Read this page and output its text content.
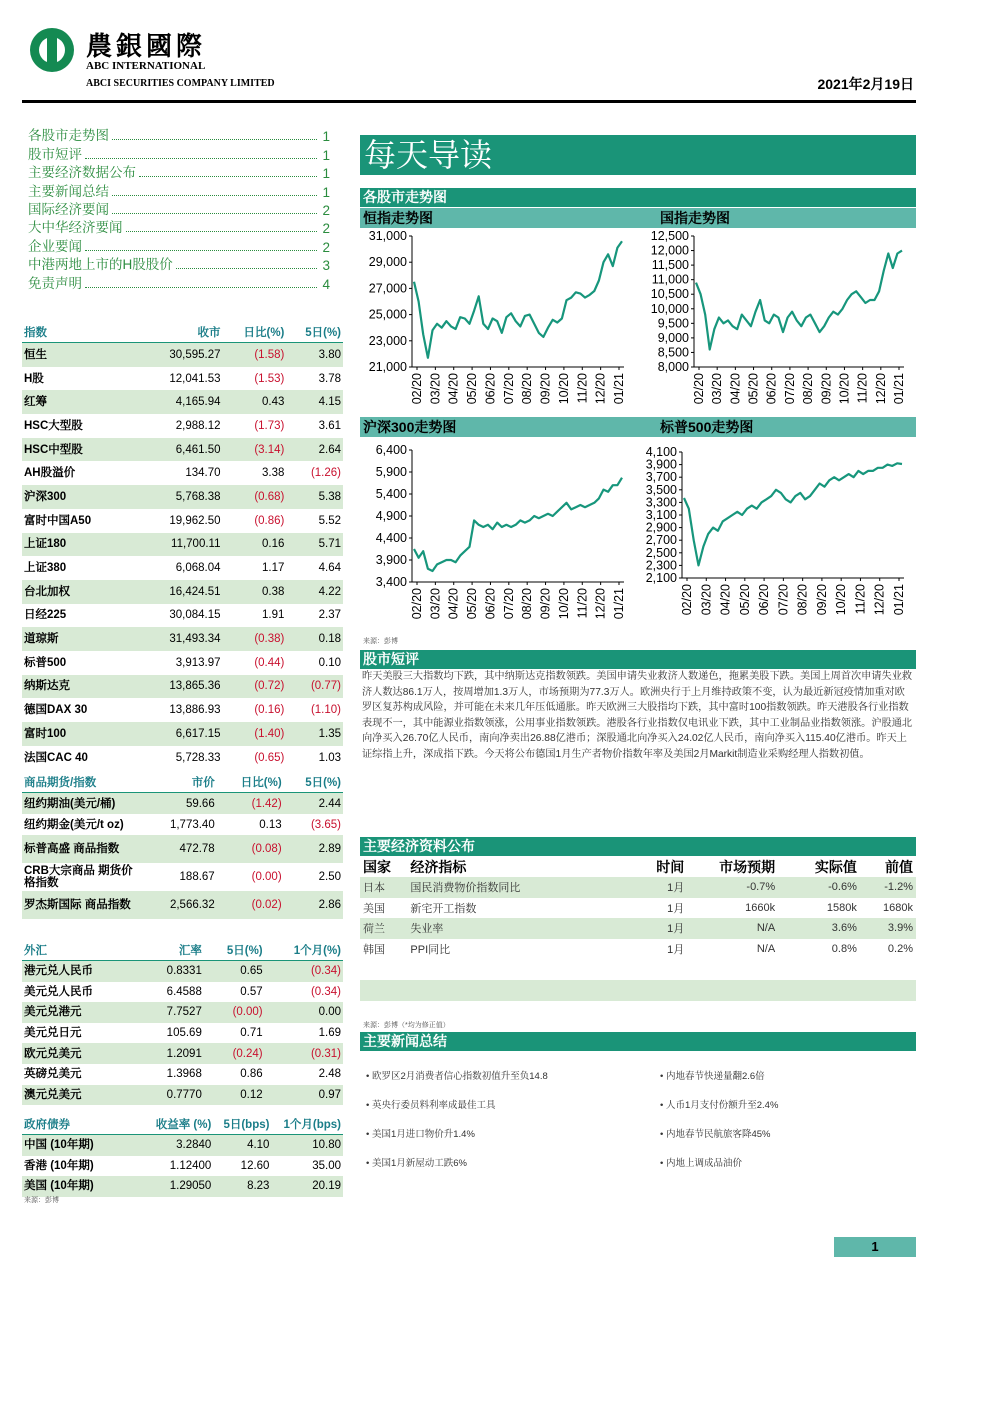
農銀國際
ABC INTERNATIONAL
ABCI SECURITIES COMPANY LIMITED	2021年2月19日
各股市走势图	1
股市短评	1
主要经济数据公布	1
主要新闻总结	1
国际经济要闻	2
大中华经济要闻	2
企业要闻	2
中港两地上市的H股股价	3
免责声明	4
指数	收市	日比(%)	5日(%)
恒生	30,595.27	(1.58)	3.80
H股	12,041.53	(1.53)	3.78
红筹	4,165.94	0.43	4.15
HSC大型股	2,988.12	(1.73)	3.61
HSC中型股	6,461.50	(3.14)	2.64
AH股溢价	134.70	3.38	(1.26)
沪深300	5,768.38	(0.68)	5.38
富时中国A50	19,962.50	(0.86)	5.52
上证180	11,700.11	0.16	5.71
上证380	6,068.04	1.17	4.64
台北加权	16,424.51	0.38	4.22
日经225	30,084.15	1.91	2.37
道琼斯	31,493.34	(0.38)	0.18
标普500	3,913.97	(0.44)	0.10
纳斯达克	13,865.36	(0.72)	(0.77)
德国DAX 30	13,886.93	(0.16)	(1.10)
富时100	6,617.15	(1.40)	1.35
法国CAC 40	5,728.33	(0.65)	1.03
商品期货/指数	市价	日比(%)	5日(%)
纽约期油(美元/桶)	59.66	(1.42)	2.44
纽约期金(美元/t oz)	1,773.40	0.13	(3.65)
标普高盛 商品指数	472.78	(0.08)	2.89
CRB大宗商品 期货价格指数	188.67	(0.00)	2.50
罗杰斯国际 商品指数	2,566.32	(0.02)	2.86
外汇	汇率	5日(%)	1个月(%)
港元兑人民币	0.8331	0.65	(0.34)
美元兑人民币	6.4588	0.57	(0.34)
美元兑港元	7.7527	(0.00)	0.00
美元兑日元	105.69	0.71	1.69
欧元兑美元	1.2091	(0.24)	(0.31)
英磅兑美元	1.3968	0.86	2.48
澳元兑美元	0.7770	0.12	0.97
政府债券	收益率 (%)	5日(bps)	1个月(bps)
中国 (10年期)	3.2840	4.10	10.80
香港 (10年期)	1.12400	12.60	35.00
美国 (10年期)	1.29050	8.23	20.19
来源：彭博
每天导读
各股市走势图
恒指走势图	国指走势图
沪深300走势图	标普500走势图
31,000
29,000
27,000
25,000
23,000
21,000
02/20 03/20 04/20 05/20 06/20 07/20 08/20 09/20 10/20 11/20 12/20 01/21
12,500
12,000
11,500
11,000
10,500
10,000
9,500
9,000
8,500
8,000
02/20 03/20 04/20 05/20 06/20 07/20 08/20 09/20 10/20 11/20 12/20 01/21
6,400
5,900
5,400
4,900
4,400
3,900
3,400
02/20 03/20 04/20 05/20 06/20 07/20 08/20 09/20 10/20 11/20 12/20 01/21
4,100
3,900
3,700
3,500
3,300
3,100
2,900
2,700
2,500
2,300
2,100
02/20 03/20 04/20 05/20 06/20 07/20 08/20 09/20 10/20 11/20 12/20 01/21
来源：彭博
股市短评
昨天美股三大指数均下跌，其中纳斯达克指数领跌。美国申请失业救济人数递色，拖累美股下跌。美国上周首次申请失业救济人数达86.1万人，按周增加1.3万人，市场预期为77.3万人。欧洲央行于上月维持政策不变，认为最近新冠疫情加重对欧罗区复苏构成风险，并可能在未来几年压低通胀。昨天欧洲三大股指均下跌，其中富时100指数领跌。昨天港股各行业指数表现不一，其中能源业指数领涨，公用事业指数领跌。港股各行业指数仅电讯业下跌，其中工业制品业指数领涨。沪股通北向净买入26.70亿人民币，南向净卖出26.88亿港币；深股通北向净买入24.02亿人民币，南向净买入115.40亿港币。昨天上证综指上升，深成指下跌。今天将公布德国1月生产者物价指数年率及美国2月Markit制造业采购经理人指数初值。
主要经济资料公布
国家	经济指标	时间	市场预期	实际值	前值
日本	国民消费物价指数同比	1月	-0.7%	-0.6%	-1.2%
美国	新宅开工指数	1月	1660k	1580k	1680k
荷兰	失业率	1月	N/A	3.6%	3.9%
韩国	PPI同比	1月	N/A	0.8%	0.2%

来源：彭博（*均为修正值）
主要新闻总结
• 欧罗区2月消费者信心指数初值升至负14.8	• 内地春节快递量翻2.6倍
• 英央行委员料利率成最佳工具	• 人币1月支付份额升至2.4%
• 美国1月进口物价升1.4%	• 内地春节民航旅客降45%
• 美国1月新屋动工跌6%	• 内地上调成品油价
1
